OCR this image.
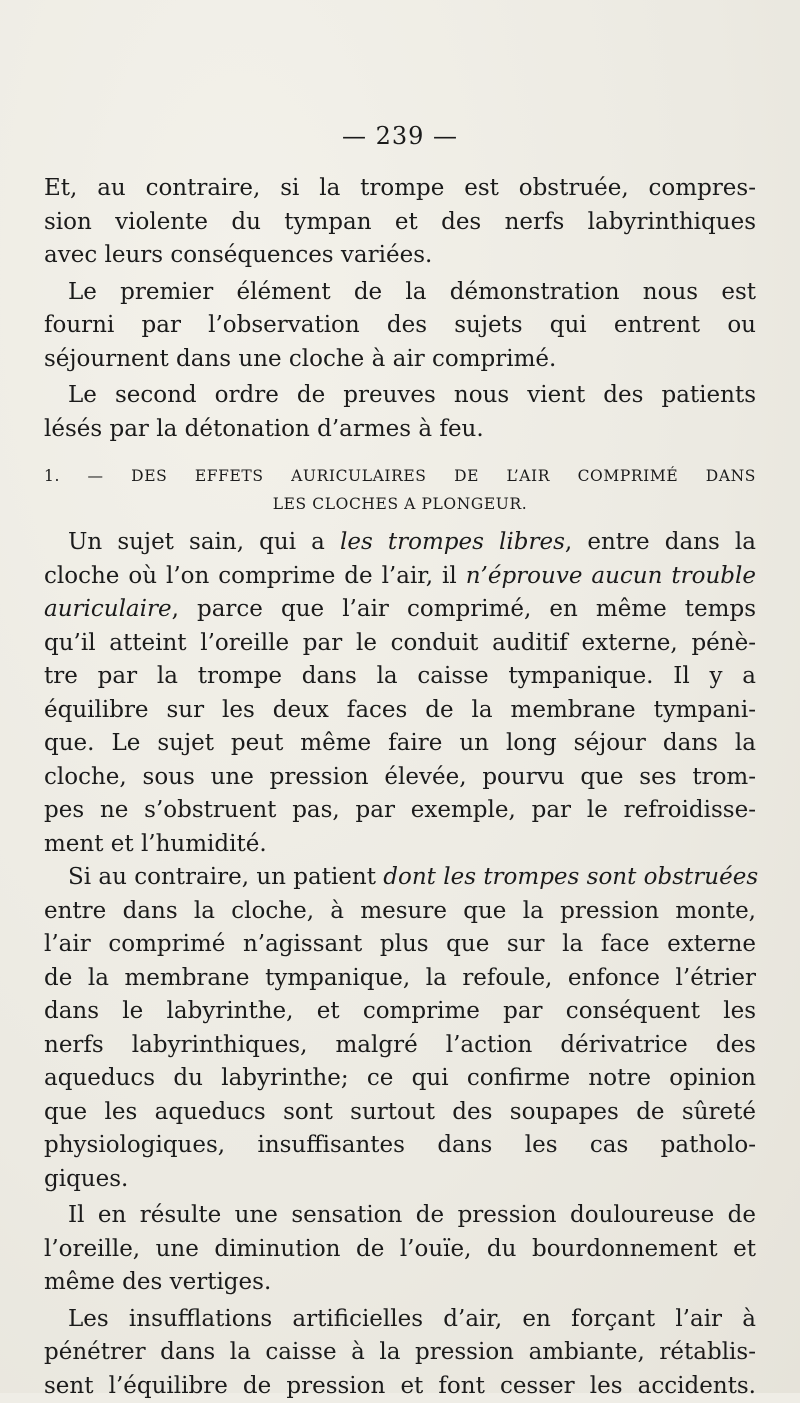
— 239 —
Et, au contraire, si la trompe est obstruée, compres-
sion violente du tympan et des nerfs labyrinthiques
avec leurs conséquences variées.
Le premier élément de la démonstration nous est
fourni par l’observation des sujets qui entrent ou
séjournent dans une cloche à air comprimé.
Le second ordre de preuves nous vient des patients
lésés par la détonation d’armes à feu.
1. — DES EFFETS AURICULAIRES DE L’AIR COMPRIMÉ DANS
LES CLOCHES A PLONGEUR.
Un sujet sain, qui a les trompes libres, entre dans la
cloche où l’on comprime de l’air, il n’éprouve aucun trouble
auriculaire, parce que l’air comprimé, en même temps
qu’il atteint l’oreille par le conduit auditif externe, pénè-
tre par la trompe dans la caisse tympanique. Il y a
équilibre sur les deux faces de la membrane tympani-
que. Le sujet peut même faire un long séjour dans la
cloche, sous une pression élevée, pourvu que ses trom-
pes ne s’obstruent pas, par exemple, par le refroidisse-
ment et l’humidité.
Si au contraire, un patient dont les trompes sont obstruées
entre dans la cloche, à mesure que la pression monte,
l’air comprimé n’agissant plus que sur la face externe
de la membrane tympanique, la refoule, enfonce l’étrier
dans le labyrinthe, et comprime par conséquent les
nerfs labyrinthiques, malgré l’action dérivatrice des
aqueducs du labyrinthe; ce qui confirme notre opinion
que les aqueducs sont surtout des soupapes de sûreté
physiologiques, insuffisantes dans les cas patholo-
giques.
Il en résulte une sensation de pression douloureuse de
l’oreille, une diminution de l’ouïe, du bourdonnement et
même des vertiges.
Les insufflations artificielles d’air, en forçant l’air à
pénétrer dans la caisse à la pression ambiante, rétablis-
sent l’équilibre de pression et font cesser les accidents.
